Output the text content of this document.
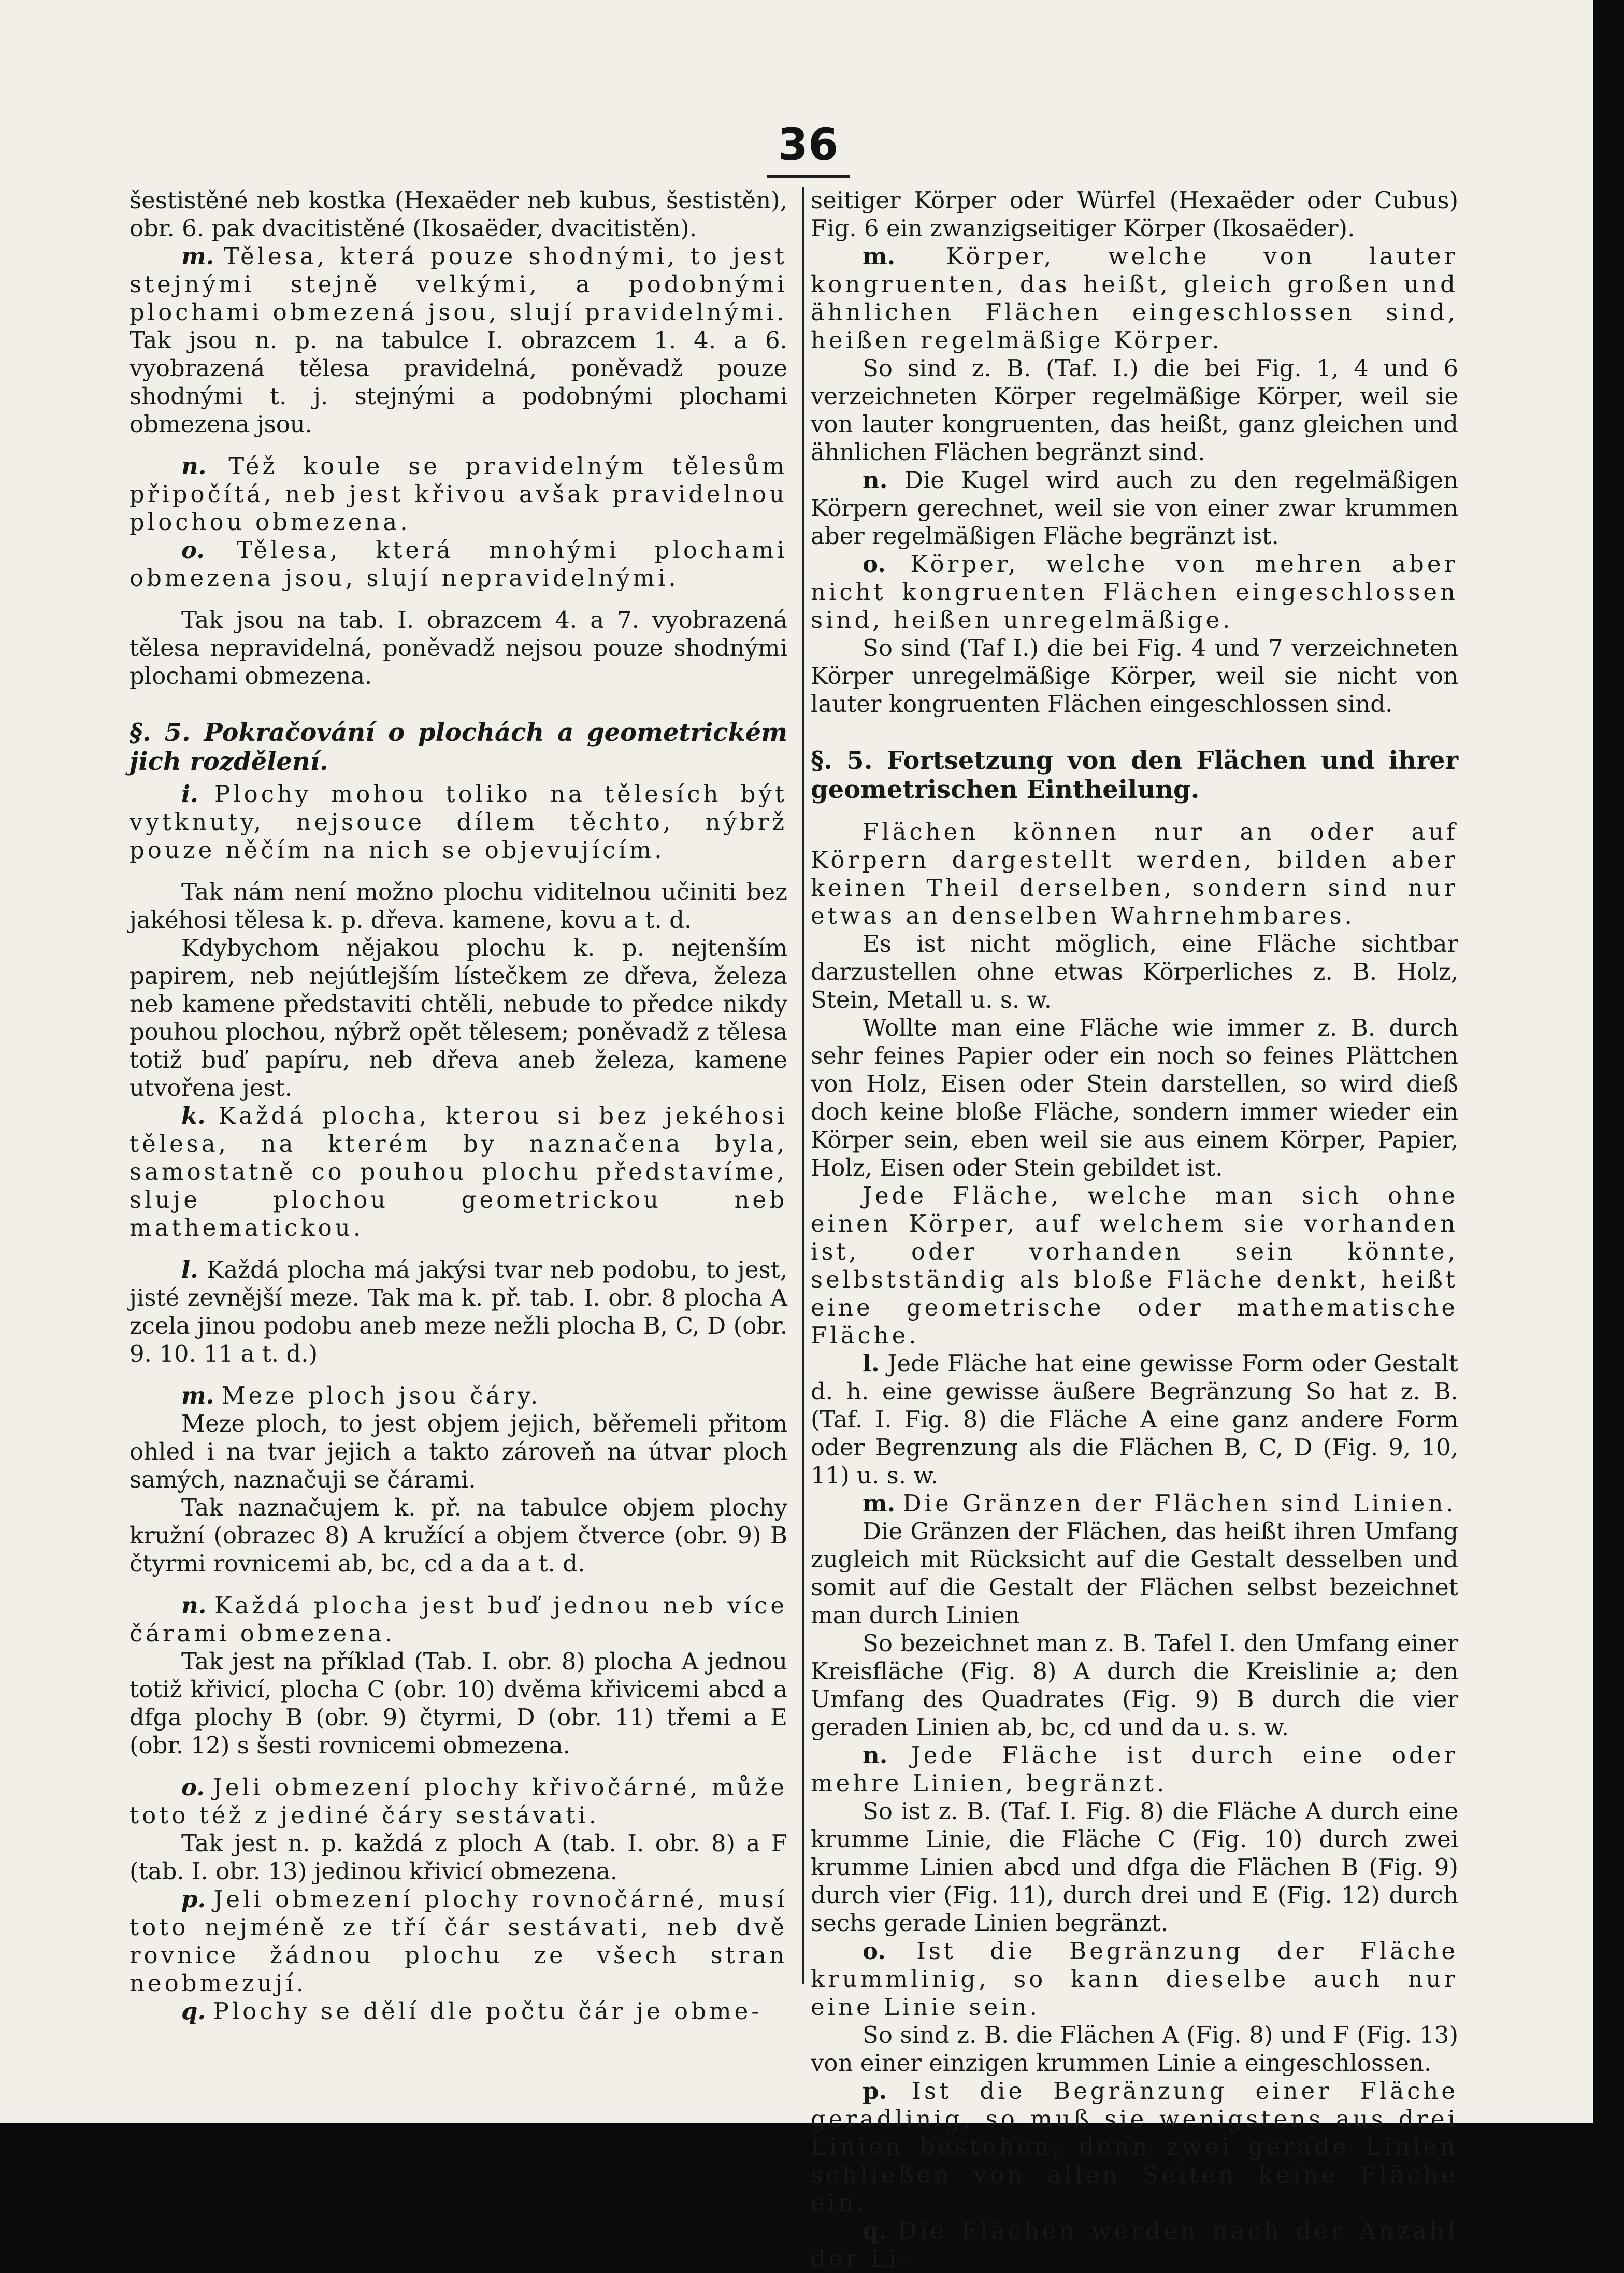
36

šestistěné neb kostka (Hexaëder neb kubus, šestistěn), obr. 6. pak dvacitistěné (Ikosaëder, dvacitistěn).

m. Tělesa, která pouze shodnými, to jest stejnými stejně velkými, a podobnými plochami obmezená jsou, slují pravidelnými.

Tak jsou n. p. na tabulce I. obrazcem 1. 4. a 6. vyobrazená tělesa pravidelná, poněvadž pouze shodnými t. j. stejnými a podobnými plochami obmezena jsou.

n. Též koule se pravidelným tělesům připočítá, neb jest křivou avšak pravidelnou plochou obmezena.

o. Tělesa, která mnohými plochami obmezena jsou, slují nepravidelnými.

Tak jsou na tab. I. obrazcem 4. a 7. vyobrazená tělesa nepravidelná, poněvadž nejsou pouze shodnými plochami obmezena.

§. 5. Pokračování o plochách a geometrickém jich rozdělení.

i. Plochy mohou toliko na tělesích být vytknuty, nejsouce dílem těchto, nýbrž pouze něčím na nich se objevujícím.

Tak nám není možno plochu viditelnou učiniti bez jakéhosi tělesa k. p. dřeva. kamene, kovu a t. d.

Kdybychom nějakou plochu k. p. nejtenším papirem, neb nejútlejším lístečkem ze dřeva, železa neb kamene představiti chtěli, nebude to předce nikdy pouhou plochou, nýbrž opět tělesem; poněvadž z tělesa totiž buď papíru, neb dřeva aneb železa, kamene utvořena jest.

k. Každá plocha, kterou si bez jekéhosi tělesa, na kterém by naznačena byla, samostatně co pouhou plochu představíme, sluje plochou geometrickou neb mathematickou.

l. Každá plocha má jakýsi tvar neb podobu, to jest, jisté zevnější meze. Tak ma k. př. tab. I. obr. 8 plocha A zcela jinou podobu aneb meze nežli plocha B, C, D (obr. 9. 10. 11 a t. d.)

m. Meze ploch jsou čáry.

Meze ploch, to jest objem jejich, běřemeli přitom ohled i na tvar jejich a takto zároveň na útvar ploch samých, naznačuji se čárami.

Tak naznačujem k. př. na tabulce objem plochy kružní (obrazec 8) A kružící a objem čtverce (obr. 9) B čtyrmi rovnicemi ab, bc, cd a da a t. d.

n. Každá plocha jest buď jednou neb více čárami obmezena.

Tak jest na příklad (Tab. I. obr. 8) plocha A jednou totiž křivicí, plocha C (obr. 10) dvěma křivicemi abcd a dfga plochy B (obr. 9) čtyrmi, D (obr. 11) třemi a E (obr. 12) s šesti rovnicemi obmezena.

o. Jeli obmezení plochy křivočárné, může toto též z jediné čáry sestávati.

Tak jest n. p. každá z ploch A (tab. I. obr. 8) a F (tab. I. obr. 13) jedinou křivicí obmezena.

p. Jeli obmezení plochy rovnočárné, musí toto nejméně ze tří čár sestávati, neb dvě rovnice žádnou plochu ze všech stran neobmezují.

q. Plochy se dělí dle počtu čár je obme-

seitiger Körper oder Würfel (Hexaëder oder Cubus) Fig. 6 ein zwanzigseitiger Körper (Ikosaëder).

m. Körper, welche von lauter kongruenten, das heißt, gleich großen und ähnlichen Flächen eingeschlossen sind, heißen regelmäßige Körper.

So sind z. B. (Taf. I.) die bei Fig. 1, 4 und 6 verzeichneten Körper regelmäßige Körper, weil sie von lauter kongruenten, das heißt, ganz gleichen und ähnlichen Flächen begränzt sind.

n. Die Kugel wird auch zu den regelmäßigen Körpern gerechnet, weil sie von einer zwar krummen aber regelmäßigen Fläche begränzt ist.

o. Körper, welche von mehren aber nicht kongruenten Flächen eingeschlossen sind, heißen unregelmäßige.

So sind (Taf I.) die bei Fig. 4 und 7 verzeichneten Körper unregelmäßige Körper, weil sie nicht von lauter kongruenten Flächen eingeschlossen sind.

§. 5. Fortsetzung von den Flächen und ihrer geometrischen Eintheilung.

Flächen können nur an oder auf Körpern dargestellt werden, bilden aber keinen Theil derselben, sondern sind nur etwas an denselben Wahrnehmbares.

Es ist nicht möglich, eine Fläche sichtbar darzustellen ohne etwas Körperliches z. B. Holz, Stein, Metall u. s. w.

Wollte man eine Fläche wie immer z. B. durch sehr feines Papier oder ein noch so feines Plättchen von Holz, Eisen oder Stein darstellen, so wird dieß doch keine bloße Fläche, sondern immer wieder ein Körper sein, eben weil sie aus einem Körper, Papier, Holz, Eisen oder Stein gebildet ist.

Jede Fläche, welche man sich ohne einen Körper, auf welchem sie vorhanden ist, oder vorhanden sein könnte, selbstständig als bloße Fläche denkt, heißt eine geometrische oder mathematische Fläche.

l. Jede Fläche hat eine gewisse Form oder Gestalt d. h. eine gewisse äußere Begränzung So hat z. B. (Taf. I. Fig. 8) die Fläche A eine ganz andere Form oder Begrenzung als die Flächen B, C, D (Fig. 9, 10, 11) u. s. w.

m. Die Gränzen der Flächen sind Linien.

Die Gränzen der Flächen, das heißt ihren Umfang zugleich mit Rücksicht auf die Gestalt desselben und somit auf die Gestalt der Flächen selbst bezeichnet man durch Linien

So bezeichnet man z. B. Tafel I. den Umfang einer Kreisfläche (Fig. 8) A durch die Kreislinie a; den Umfang des Quadrates (Fig. 9) B durch die vier geraden Linien ab, bc, cd und da u. s. w.

n. Jede Fläche ist durch eine oder mehre Linien, begränzt.

So ist z. B. (Taf. I. Fig. 8) die Fläche A durch eine krumme Linie, die Fläche C (Fig. 10) durch zwei krumme Linien abcd und dfga die Flächen B (Fig. 9) durch vier (Fig. 11), durch drei und E (Fig. 12) durch sechs gerade Linien begränzt.

o. Ist die Begränzung der Fläche krummlinig, so kann dieselbe auch nur eine Linie sein.

So sind z. B. die Flächen A (Fig. 8) und F (Fig. 13) von einer einzigen krummen Linie a eingeschlossen.

p. Ist die Begränzung einer Fläche geradlinig, so muß sie wenigstens aus drei Linien bestehen; denn zwei gerade Linien schließen von allen Seiten keine Fläche ein.

q. Die Flächen werden nach der Anzahl der Li-
